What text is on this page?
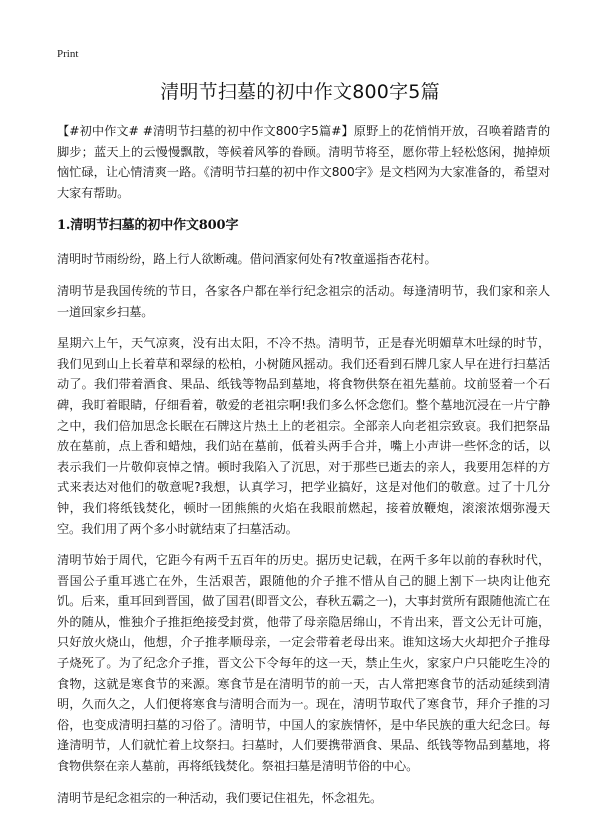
Print
清明节扫墓的初中作文800字5篇

【#初中作文# #清明节扫墓的初中作文800字5篇#】原野上的花悄悄开放，召唤着踏青的脚步；蓝天上的云慢慢飘散，等候着风筝的眷顾。清明节将至，愿你带上轻松悠闲，抛掉烦恼忙碌，让心情清爽一路。《清明节扫墓的初中作文800字》是文档网为大家准备的，希望对大家有帮助。

1.清明节扫墓的初中作文800字

清明时节雨纷纷，路上行人欲断魂。借问酒家何处有?牧童遥指杏花村。

清明节是我国传统的节日，各家各户都在举行纪念祖宗的活动。每逢清明节，我们家和亲人一道回家乡扫墓。

星期六上午，天气凉爽，没有出太阳，不冷不热。清明节，正是春光明媚草木吐绿的时节，我们见到山上长着草和翠绿的松柏，小树随风摇动。我们还看到石牌几家人早在进行扫墓活动了。我们带着酒食、果品、纸钱等物品到墓地，将食物供祭在祖先墓前。坟前竖着一个石碑，我盯着眼睛，仔细看着，敬爱的老祖宗啊!我们多么怀念您们。整个墓地沉浸在一片宁静之中，我们倍加思念长眠在石牌这片热土上的老祖宗。全部亲人向老祖宗致哀。我们把祭品放在墓前，点上香和蜡烛，我们站在墓前，低着头两手合并，嘴上小声讲一些怀念的话，以表示我们一片敬仰哀悼之情。顿时我陷入了沉思，对于那些已逝去的亲人，我要用怎样的方式来表达对他们的敬意呢?我想，认真学习，把学业搞好，这是对他们的敬意。过了十几分钟，我们将纸钱焚化，顿时一团熊熊的火焰在我眼前燃起，接着放鞭炮，滚滚浓烟弥漫天空。我们用了两个多小时就结束了扫墓活动。

清明节始于周代，它距今有两千五百年的历史。据历史记载，在两千多年以前的春秋时代，晋国公子重耳逃亡在外，生活艰苦，跟随他的介子推不惜从自己的腿上割下一块肉让他充饥。后来，重耳回到晋国，做了国君(即晋文公，春秋五霸之一)，大事封赏所有跟随他流亡在外的随从，惟独介子推拒绝接受封赏，他带了母亲隐居绵山，不肯出来，晋文公无计可施，只好放火烧山，他想，介子推孝顺母亲，一定会带着老母出来。谁知这场大火却把介子推母子烧死了。为了纪念介子推，晋文公下令每年的这一天，禁止生火，家家户户只能吃生冷的食物，这就是寒食节的来源。寒食节是在清明节的前一天，古人常把寒食节的活动延续到清明，久而久之，人们便将寒食与清明合而为一。现在，清明节取代了寒食节，拜介子推的习俗，也变成清明扫墓的习俗了。清明节，中国人的家族情怀，是中华民族的重大纪念曰。每逢清明节，人们就忙着上坟祭扫。扫墓时，人们要携带酒食、果品、纸钱等物品到墓地，将食物供祭在亲人墓前，再将纸钱焚化。祭祖扫墓是清明节俗的中心。

清明节是纪念祖宗的一种活动，我们要记住祖先，怀念祖先。
